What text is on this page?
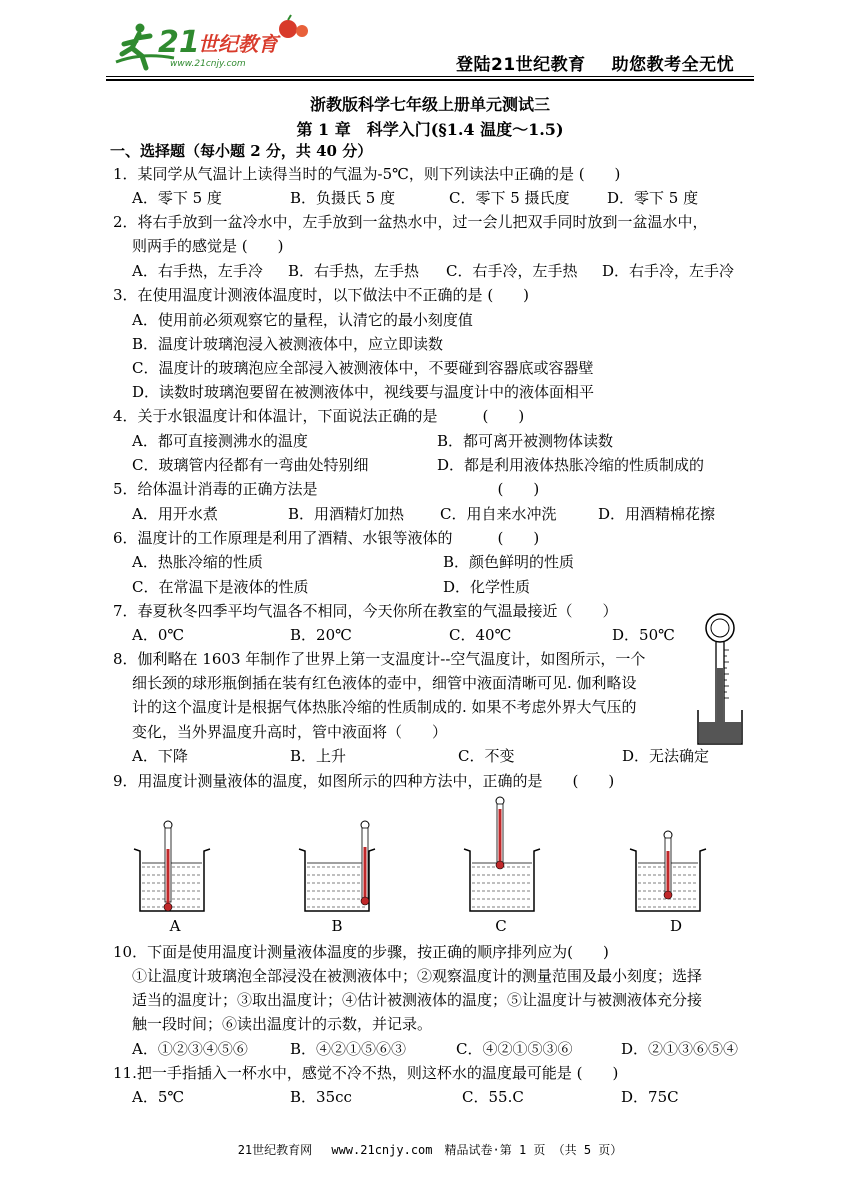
21
世纪教育
www.21cnjy.com	登陆21世纪教育 助您教考全无忧
浙教版科学七年级上册单元测试三
第 1 章　科学入门(§1.4 温度～1.5)
一、选择题（每小题 2 分，共 40 分）
1．某同学从气温计上读得当时的气温为-5℃，则下列读法中正确的是 (　　)
A．零下 5 度	B．负摄氏 5 度	C．零下 5 摄氏度 D．零下 5 度
2．将右手放到一盆冷水中，左手放到一盆热水中，过一会儿把双手同时放到一盆温水中，
则两手的感觉是 (　　)
A．右手热，左手冷 B．右手热，左手热 C．右手冷，左手热 D．右手冷，左手冷
3．在使用温度计测液体温度时，以下做法中不正确的是 (　　)
A．使用前必须观察它的量程，认清它的最小刻度值
B．温度计玻璃泡浸入被测液体中，应立即读数
C．温度计的玻璃泡应全部浸入被测液体中，不要碰到容器底或容器壁
D．读数时玻璃泡要留在被测液体中，视线要与温度计中的液体面相平
4．关于水银温度计和体温计，下面说法正确的是　　　(　　)
A．都可直接测沸水的温度	B．都可离开被测物体读数
C．玻璃管内径都有一弯曲处特别细	D．都是利用液体热胀冷缩的性质制成的
5．给体温计消毒的正确方法是　　　　　　　　　　　　(　　)
A．用开水煮	B．用酒精灯加热 C．用自来水冲洗	D．用酒精棉花擦
6．温度计的工作原理是利用了酒精、水银等液体的　　　(　　)
A．热胀冷缩的性质	B．颜色鲜明的性质
C．在常温下是液体的性质	D．化学性质
7．春夏秋冬四季平均气温各不相同，今天你所在教室的气温最接近（　　）
A．0℃	B．20℃	C．40℃	D．50℃
8．伽利略在 1603 年制作了世界上第一支温度计--空气温度计，如图所示，一个
细长颈的球形瓶倒插在装有红色液体的壶中，细管中液面清晰可见. 伽利略设
计的这个温度计是根据气体热胀冷缩的性质制成的. 如果不考虑外界大气压的
变化，当外界温度升高时，管中液面将（　　）
A．下降	B．上升	C．不变	D．无法确定
9．用温度计测量液体的温度，如图所示的四种方法中，正确的是　　(　　)
A	B	C	D
10．下面是使用温度计测量液体温度的步骤，按正确的顺序排列应为(　　)
①让温度计玻璃泡全部浸没在被测液体中；②观察温度计的测量范围及最小刻度；选择
适当的温度计；③取出温度计；④估计被测液体的温度；⑤让温度计与被测液体充分接
触一段时间；⑥读出温度计的示数，并记录。
A．①②③④⑤⑥	B．④②①⑤⑥③	C．④②①⑤③⑥	D．②①③⑥⑤④
11.把一手指插入一杯水中，感觉不冷不热，则这杯水的温度最可能是 (　　)
A．5℃	B．35cc	C．55.C	D．75C
21世纪教育网　 www.21cnjy.com　精品试卷·第 1 页 （共 5 页）
